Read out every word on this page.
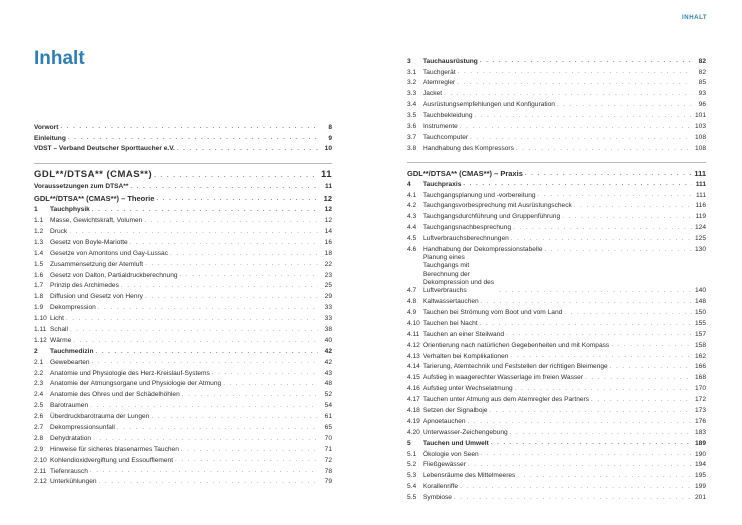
INHALT
Inhalt
Vorwort . . .	8
Einleitung . . .	9
VDST – Verband Deutscher Sporttaucher e.V. . . .	10
GDL**/DTSA** (CMAS**) . . .	11
Voraussetzungen zum DTSA** . . .	11
GDL**/DTSA** (CMAS**) – Theorie . . .	12
1	Tauchphysik . . .	12
1.1	Masse, Gewichtskraft, Volumen . . .	12
1.2	Druck . . .	14
1.3	Gesetz von Boyle-Mariotte . . .	16
1.4	Gesetze von Amontons und Gay-Lussac . . .	18
1.5	Zusammensetzung der Atemluft . . .	22
1.6	Gesetz von Dalton, Partialdruckberechnung . . .	23
1.7	Prinzip des Archimedes . . .	25
1.8	Diffusion und Gesetz von Henry . . .	29
1.9	Dekompression . . .	33
1.10 Licht . . .	33
1.11 Schall . . .	38
1.12 Wärme . . .	40
2	Tauchmedizin . . .	42
2.1	Gewebearten . . .	42
2.2	Anatomie und Physiologie des Herz-Kreislauf-Systems . . .	43
2.3	Anatomie der Atmungsorgane und Physiologie der Atmung . . .	48
2.4	Anatomie des Ohres und der Schädelhöhlen . . .	52
2.5	Barotraumen . . .	54
2.6	Überdruckbarotrauma der Lungen . . .	61
2.7	Dekompressionsunfall . . .	65
2.8	Dehydratation . . .	70
2.9	Hinweise für sicheres blasenarmes Tauchen . . .	71
2.10 Kohlendioxidvergiftung und Essoufflement . . .	72
2.11 Tiefenrausch . . .	78
2.12 Unterkühlungen . . .	79
3	Tauchausrüstung . . .	82
3.1	Tauchgerät . . .	82
3.2	Atemregler . . .	85
3.3	Jacket . . .	93
3.4	Ausrüstungsempfehlungen und Konfiguration . . .	96
3.5	Tauchbekleidung . . .	101
3.6	Instrumente . . .	103
3.7	Tauchcomputer . . .	108
3.8	Handhabung des Kompressors . . .	108
GDL**/DTSA** (CMAS**) – Praxis . . .	111
4	Tauchpraxis . . .	111
4.1	Tauchgangsplanung und -vorbereitung . . .	111
4.2	Tauchgangsvorbesprechung mit Ausrüstungscheck . . .	116
4.3	Tauchgangsdurchführung und Gruppenführung . . .	119
4.4	Tauchgangsnachbesprechung . . .	124
4.5	Luftverbrauchsberechnungen . . .	125
4.6	Handhabung der Dekompressionstabelle . . .	130
4.7
Planung eines Tauchgangs mit Berechnung der Dekompression und des Luftverbrauchs . . .	140
4.8	Kaltwassertauchen . . .	148
4.9	Tauchen bei Strömung vom Boot und vom Land . . .	150
4.10 Tauchen bei Nacht . . .	155
4.11 Tauchen an einer Steilwand . . .	157
4.12 Orientierung nach natürlichen Gegebenheiten und mit Kompass . . .	158
4.13 Verhalten bei Komplikationen . . .	162
4.14 Tarierung, Atemtechnik und Feststellen der richtigen Bleimenge . . .	166
4.15 Aufstieg in waagerechter Wasserlage im freien Wasser . . .	168
4.16 Aufstieg unter Wechselatmung . . .	170
4.17 Tauchen unter Atmung aus dem Atemregler des Partners . . .	172
4.18 Setzen der Signalboje . . .	173
4.19 Apnoetauchen . . .	176
4.20 Unterwasser-Zeichengebung . . .	183
5	Tauchen und Umwelt . . .	189
5.1	Ökologie von Seen . . .	190
5.2	Fließgewässer . . .	194
5.3	Lebensräume des Mittelmeeres . . .	195
5.4	Korallenriffe . . .	199
5.5	Symbiose . . .	201
